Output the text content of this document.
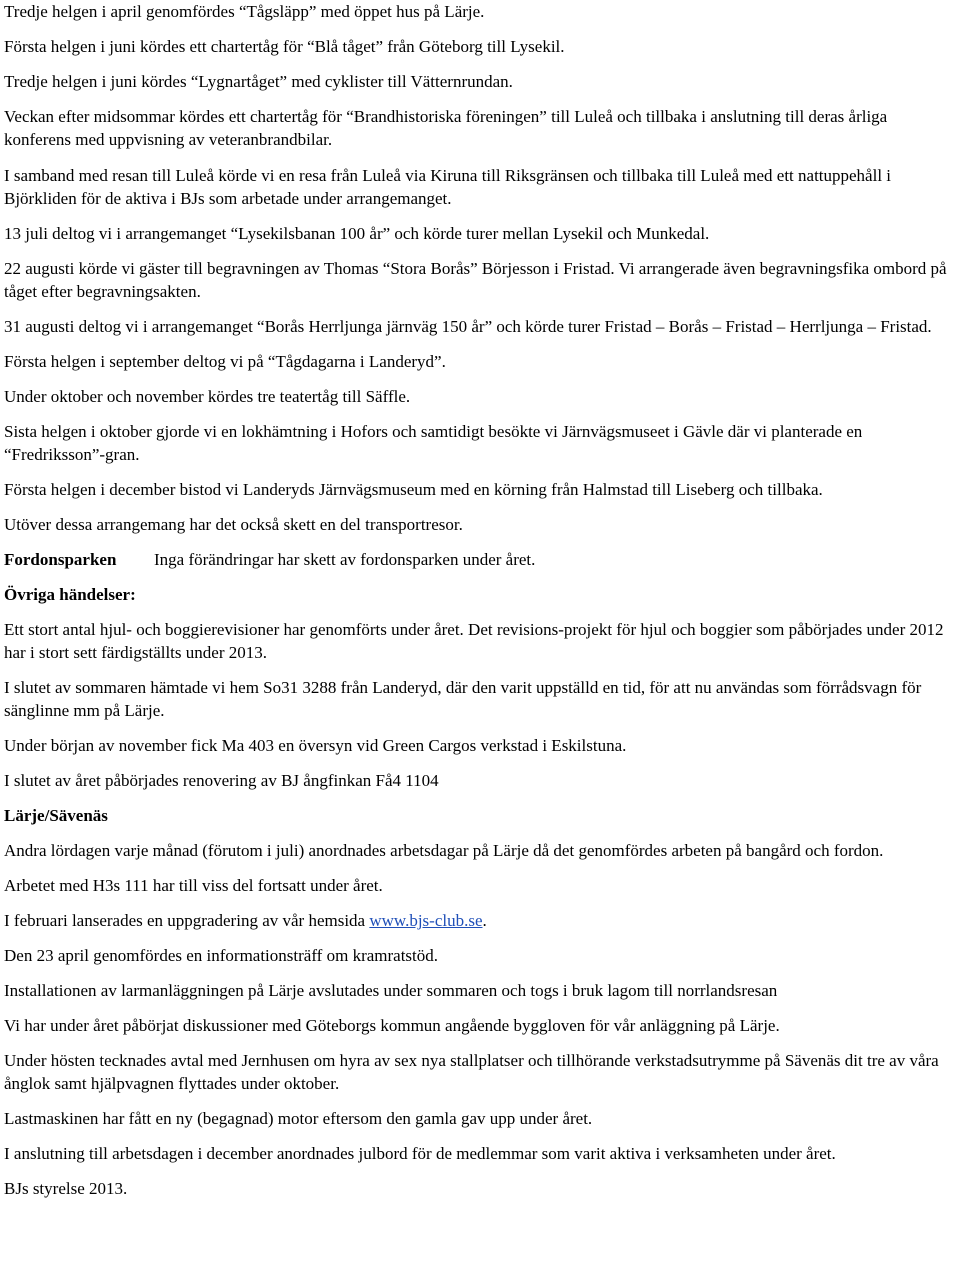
Tredje helgen i april genomfördes “Tågsläpp” med öppet hus på Lärje.

Första helgen i juni kördes ett chartertåg för “Blå tåget” från Göteborg till Lysekil.

Tredje helgen i juni kördes “Lygnartåget” med cyklister till Vätternrundan.

Veckan efter midsommar kördes ett chartertåg för “Brandhistoriska föreningen” till Luleå och tillbaka i anslutning till deras årliga konferens med uppvisning av veteranbrandbilar.

I samband med resan till Luleå körde vi en resa från Luleå via Kiruna till Riksgränsen och tillbaka till Luleå med ett nattuppehåll i Björkliden för de aktiva i BJs som arbetade under arrangemanget.

13 juli deltog vi i arrangemanget “Lysekilsbanan 100 år” och körde turer mellan Lysekil och Munkedal.

22 augusti körde vi gäster till begravningen av Thomas “Stora Borås” Börjesson i Fristad. Vi arrangerade även begravningsfika ombord på tåget efter begravningsakten.

31 augusti deltog vi i arrangemanget “Borås Herrljunga järnväg 150 år” och körde turer Fristad – Borås – Fristad – Herrljunga – Fristad.

Första helgen i september deltog vi på “Tågdagarna i Landeryd”.

Under oktober och november kördes tre teatertåg till Säffle.

Sista helgen i oktober gjorde vi en lokhämtning i Hofors och samtidigt besökte vi Järnvägsmuseet i Gävle där vi planterade en “Fredriksson”-gran.

Första helgen i december bistod vi Landeryds Järnvägsmuseum med en körning från Halmstad till Liseberg och tillbaka.

Utöver dessa arrangemang har det också skett en del transportresor.

Fordonsparken Inga förändringar har skett av fordonsparken under året.

Övriga händelser:

Ett stort antal hjul- och boggierevisioner har genomförts under året. Det revisions-projekt för hjul och boggier som påbörjades under 2012 har i stort sett färdigställts under 2013.

I slutet av sommaren hämtade vi hem So31 3288 från Landeryd, där den varit uppställd en tid, för att nu användas som förrådsvagn för sänglinne mm på Lärje.

Under början av november fick Ma 403 en översyn vid Green Cargos verkstad i Eskilstuna.

I slutet av året påbörjades renovering av BJ ångfinkan Få4 1104

Lärje/Sävenäs

Andra lördagen varje månad (förutom i juli) anordnades arbetsdagar på Lärje då det genomfördes arbeten på bangård och fordon.

Arbetet med H3s 111 har till viss del fortsatt under året.

I februari lanserades en uppgradering av vår hemsida www.bjs-club.se.

Den 23 april genomfördes en informationsträff om kramratstöd.

Installationen av larmanläggningen på Lärje avslutades under sommaren och togs i bruk lagom till norrlandsresan

Vi har under året påbörjat diskussioner med Göteborgs kommun angående byggloven för vår anläggning på Lärje.

Under hösten tecknades avtal med Jernhusen om hyra av sex nya stallplatser och tillhörande verkstadsutrymme på Sävenäs dit tre av våra ånglok samt hjälpvagnen flyttades under oktober.

Lastmaskinen har fått en ny (begagnad) motor eftersom den gamla gav upp under året.

I anslutning till arbetsdagen i december anordnades julbord för de medlemmar som varit aktiva i verksamheten under året.

BJs styrelse 2013.
